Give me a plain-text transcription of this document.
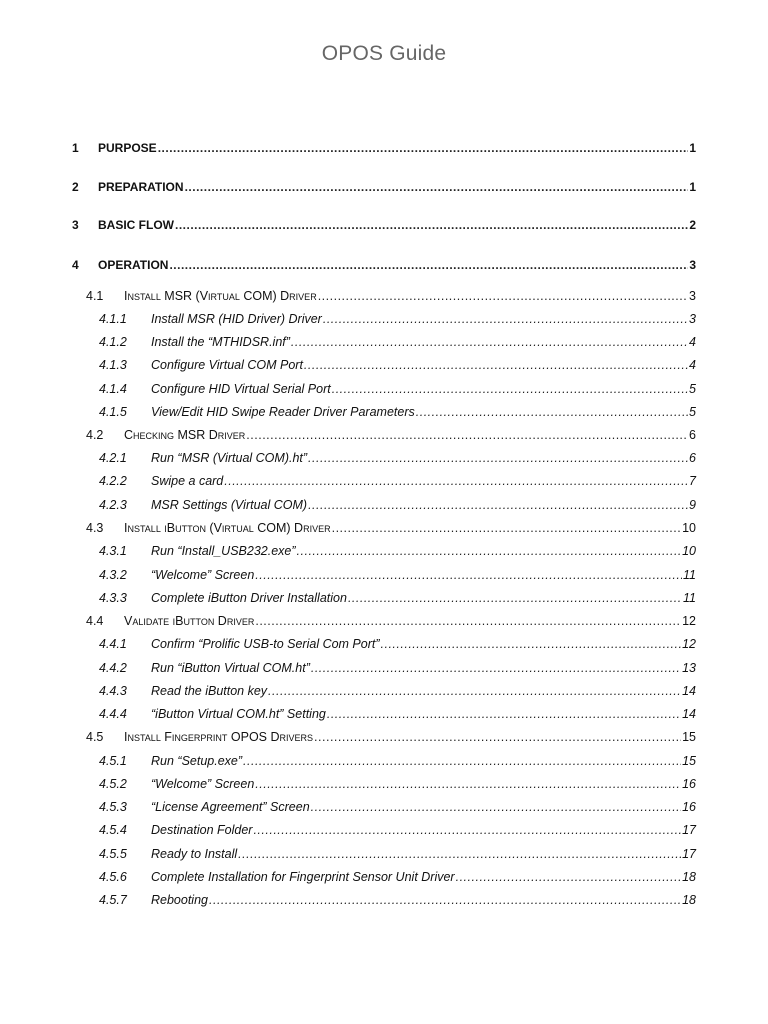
OPOS Guide
1	PURPOSE .....	1
2	PREPARATION .....	1
3	BASIC FLOW .....	2
4	OPERATION .....	3
4.1	Install MSR (Virtual COM) Driver .....	3
4.1.1	Install MSR (HID Driver) Driver .....	3
4.1.2	Install the “MTHIDSR.inf” .....	4
4.1.3	Configure Virtual COM Port .....	4
4.1.4	Configure HID Virtual Serial Port .....	5
4.1.5	View/Edit HID Swipe Reader Driver Parameters .....	5
4.2	Checking MSR Driver .....	6
4.2.1	Run “MSR (Virtual COM).ht” .....	6
4.2.2	Swipe a card .....	7
4.2.3	MSR Settings (Virtual COM) .....	9
4.3	Install iButton (Virtual COM) Driver .....	10
4.3.1	Run “Install_USB232.exe” .....	10
4.3.2	“Welcome” Screen .....	11
4.3.3	Complete iButton Driver Installation .....	11
4.4	Validate iButton Driver .....	12
4.4.1	Confirm “Prolific USB-to Serial Com Port” .....	12
4.4.2	Run “iButton Virtual COM.ht” .....	13
4.4.3	Read the iButton key .....	14
4.4.4	“iButton Virtual COM.ht” Setting .....	14
4.5	Install Fingerprint OPOS Drivers .....	15
4.5.1	Run “Setup.exe” .....	15
4.5.2	“Welcome” Screen .....	16
4.5.3	“License Agreement” Screen .....	16
4.5.4	Destination Folder .....	17
4.5.5	Ready to Install .....	17
4.5.6	Complete Installation for Fingerprint Sensor Unit Driver .....	18
4.5.7	Rebooting .....	18
